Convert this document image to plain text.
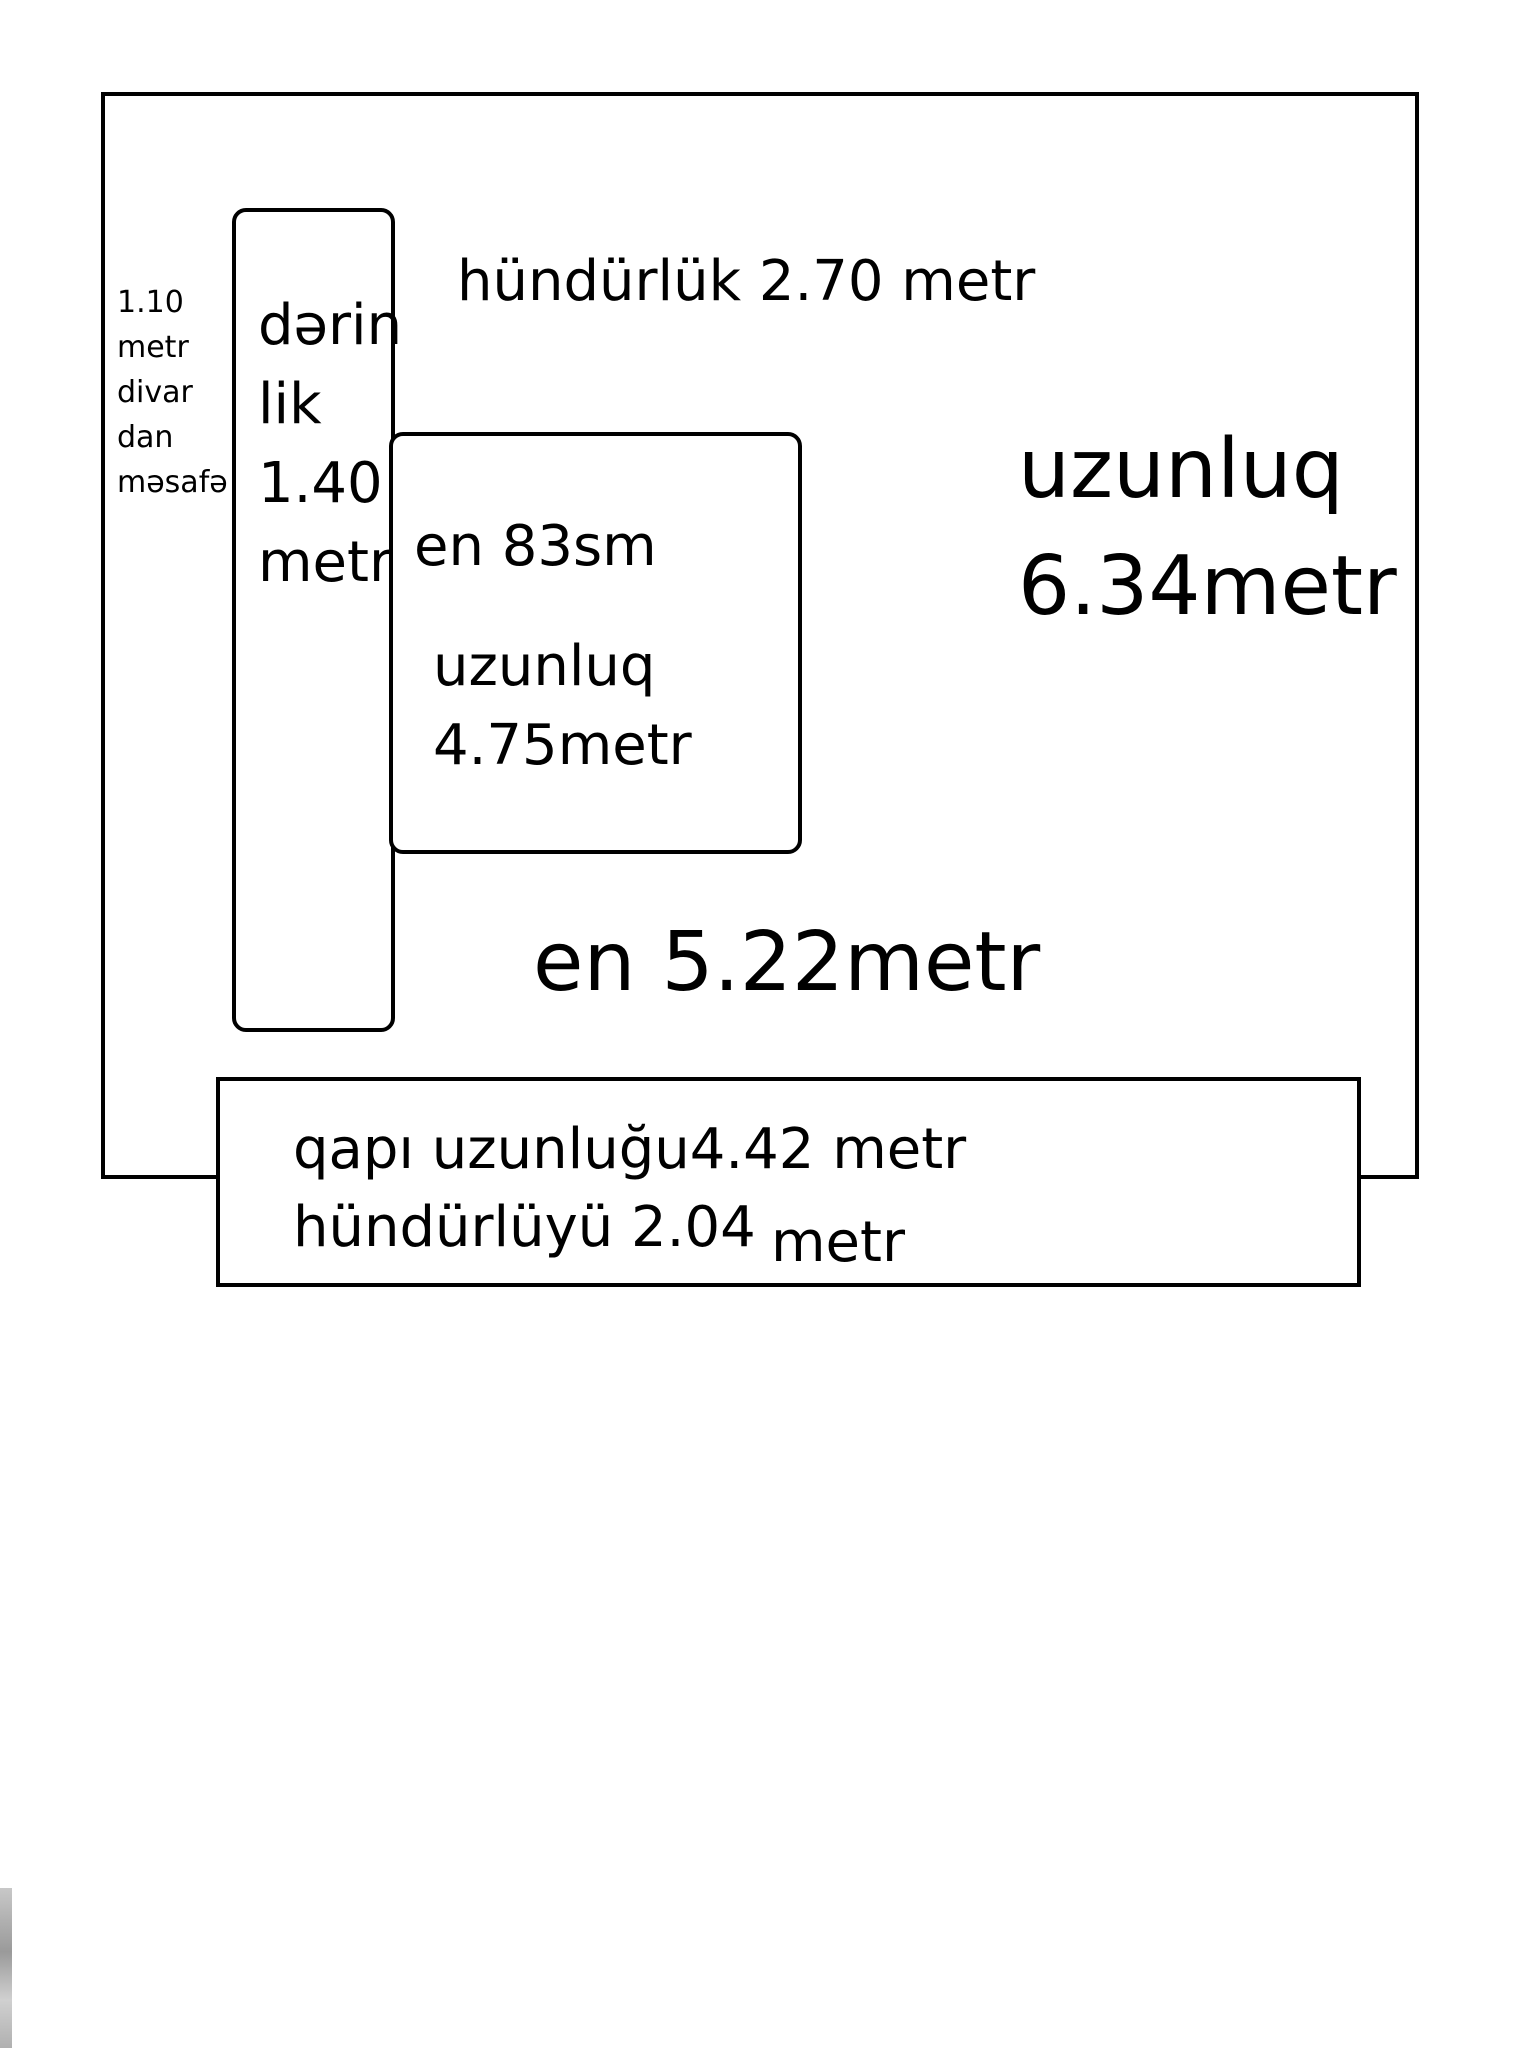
1.10
metr
divar
dan
məsafə
dərin
lik
1.40
metr
hündürlük 2.70 metr
uzunluq
6.34metr
en 83sm
uzunluq
4.75metr
en 5.22metr
qapı uzunluğu4.42 metr
hündürlüyü 2.04 metr
